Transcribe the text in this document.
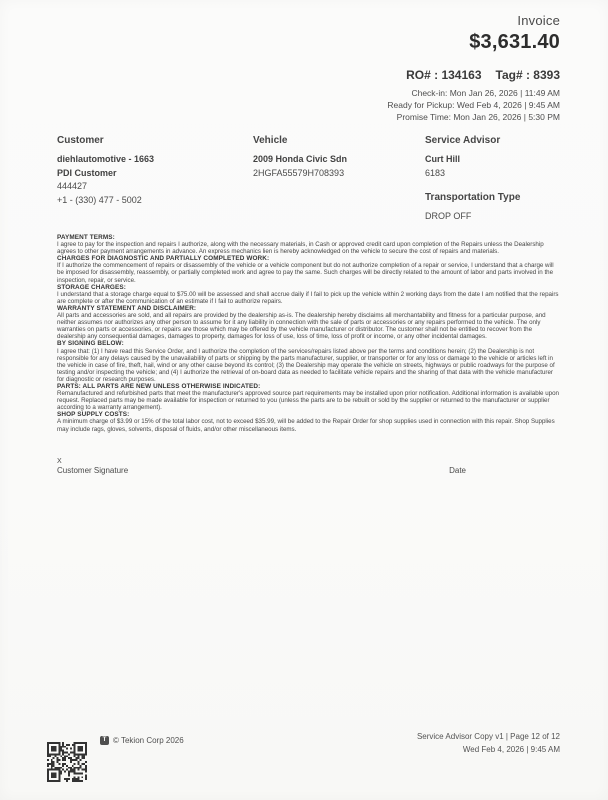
Invoice
$3,631.40
RO# : 134163 Tag# : 8393
Check-in: Mon Jan 26, 2026 | 11:49 AM
Ready for Pickup: Wed Feb 4, 2026 | 9:45 AM
Promise Time: Mon Jan 26, 2026 | 5:30 PM
Customer
diehlautomotive - 1663
PDI Customer
444427
+1 - (330) 477 - 5002
Vehicle
2009 Honda Civic Sdn
2HGFA55579H708393
Service Advisor
Curt Hill
6183
Transportation Type
DROP OFF
PAYMENT TERMS:
I agree to pay for the inspection and repairs I authorize, along with the necessary materials, in Cash or approved credit card upon completion of the Repairs unless the Dealership agrees to other payment arrangements in advance. An express mechanics lien is hereby acknowledged on the vehicle to secure the cost of repairs and materials.
CHARGES FOR DIAGNOSTIC AND PARTIALLY COMPLETED WORK:
If I authorize the commencement of repairs or disassembly of the vehicle or a vehicle component but do not authorize completion of a repair or service, I understand that a charge will be imposed for disassembly, reassembly, or partially completed work and agree to pay the same. Such charges will be directly related to the amount of labor and parts involved in the inspection, repair, or service.
STORAGE CHARGES:
I understand that a storage charge equal to $75.00 will be assessed and shall accrue daily if I fail to pick up the vehicle within 2 working days from the date I am notified that the repairs are complete or after the communication of an estimate if I fail to authorize repairs.
WARRANTY STATEMENT AND DISCLAIMER:
All parts and accessories are sold, and all repairs are provided by the dealership as-is. The dealership hereby disclaims all merchantability and fitness for a particular purpose, and neither assumes nor authorizes any other person to assume for it any liability in connection with the sale of parts or accessories or any repairs performed to the vehicle. The only warranties on parts or accessories, or repairs are those which may be offered by the vehicle manufacturer or distributor. The customer shall not be entitled to recover from the dealership any consequential damages, damages to property, damages for loss of use, loss of time, loss of profit or income, or any other incidental damages.
BY SIGNING BELOW:
I agree that: (1) I have read this Service Order, and I authorize the completion of the services/repairs listed above per the terms and conditions herein; (2) the Dealership is not responsible for any delays caused by the unavailability of parts or shipping by the parts manufacturer, supplier, or transporter or for any loss or damage to the vehicle or articles left in the vehicle in case of fire, theft, hail, wind or any other cause beyond its control; (3) the Dealership may operate the vehicle on streets, highways or public roadways for the purpose of testing and/or inspecting the vehicle; and (4) I authorize the retrieval of on-board data as needed to facilitate vehicle repairs and the sharing of that data with the vehicle manufacturer for diagnostic or research purposes.
PARTS: ALL PARTS ARE NEW UNLESS OTHERWISE INDICATED:
Remanufactured and refurbished parts that meet the manufacturer's approved source part requirements may be installed upon prior notification. Additional information is available upon request. Replaced parts may be made available for inspection or returned to you (unless the parts are to be rebuilt or sold by the supplier or returned to the manufacturer or supplier according to a warranty arrangement).
SHOP SUPPLY COSTS:
A minimum charge of $3.99 or 15% of the total labor cost, not to exceed $35.99, will be added to the Repair Order for shop supplies used in connection with this repair. Shop Supplies may include rags, gloves, solvents, disposal of fluids, and/or other miscellaneous items.
X
Customer Signature	Date
T © Tekion Corp 2026	Service Advisor Copy v1 | Page 12 of 12
Wed Feb 4, 2026 | 9:45 AM
